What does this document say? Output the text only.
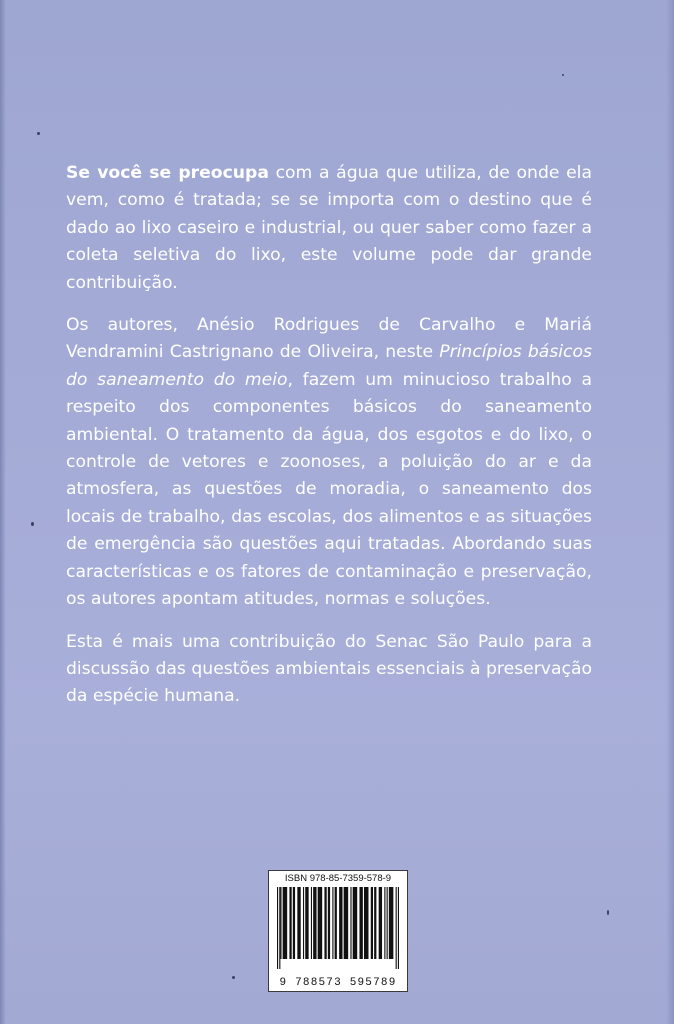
Se você se preocupa com a água que utiliza, de onde ela vem, como é tratada; se se importa com o destino que é dado ao lixo caseiro e industrial, ou quer saber como fazer a coleta seletiva do lixo, este volume pode dar grande contribuição.

Os autores, Anésio Rodrigues de Carvalho e Mariá Vendramini Castrignano de Oliveira, neste Princípios básicos do saneamento do meio, fazem um minucioso trabalho a respeito dos componentes básicos do saneamento ambiental. O tratamento da água, dos esgotos e do lixo, o controle de vetores e zoonoses, a poluição do ar e da atmosfera, as questões de moradia, o saneamento dos locais de trabalho, das escolas, dos alimentos e as situações de emergência são questões aqui tratadas. Abordando suas características e os fatores de contaminação e preservação, os autores apontam atitudes, normas e soluções.

Esta é mais uma contribuição do Senac São Paulo para a discussão das questões ambientais essenciais à preservação da espécie humana.

ISBN 978-85-7359-578-9
9 788573 595789
